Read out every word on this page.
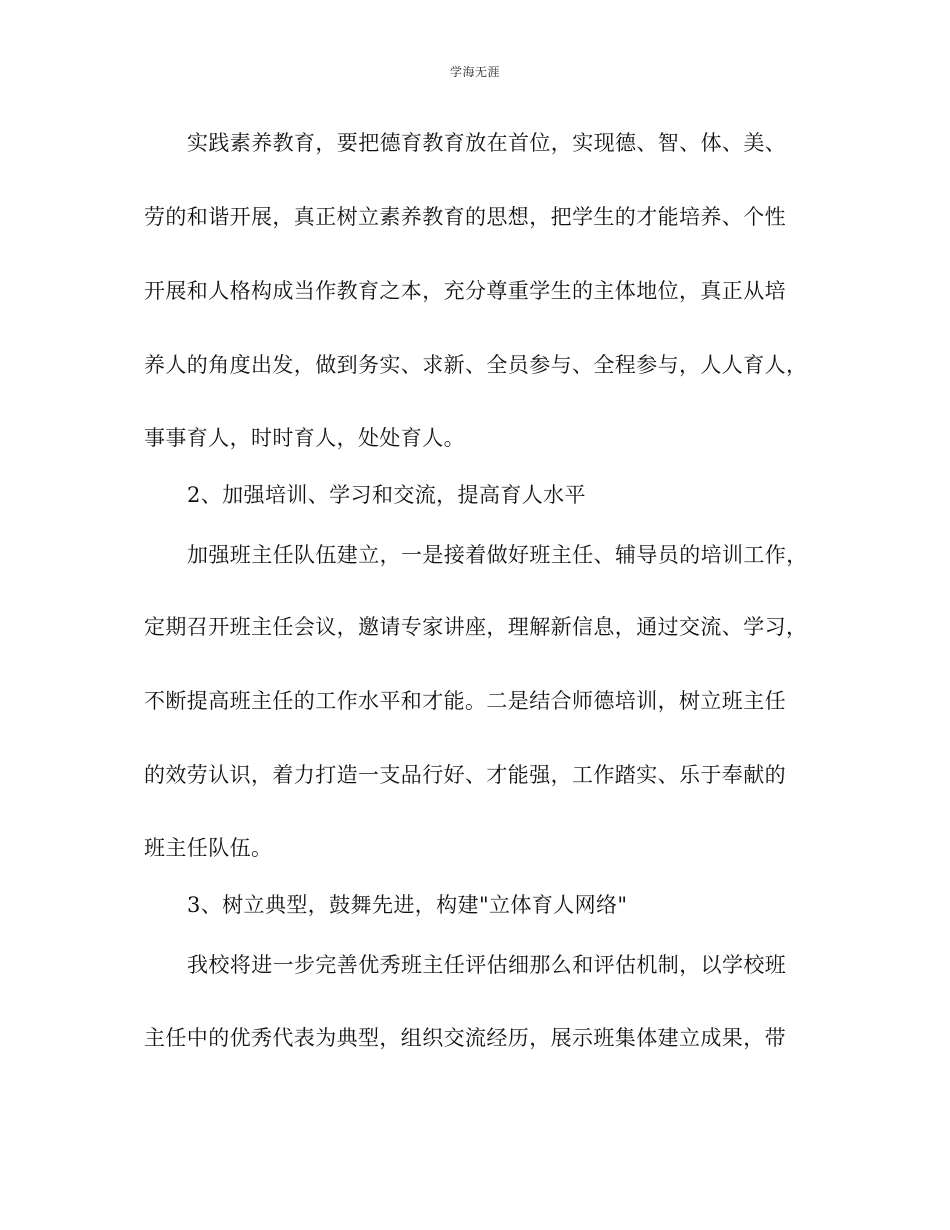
学海无涯
实践素养教育，要把德育教育放在首位，实现德、智、体、美、
劳的和谐开展，真正树立素养教育的思想，把学生的才能培养、个性
开展和人格构成当作教育之本，充分尊重学生的主体地位，真正从培
养人的角度出发，做到务实、求新、全员参与、全程参与，人人育人，
事事育人，时时育人，处处育人。
2、加强培训、学习和交流，提高育人水平
加强班主任队伍建立，一是接着做好班主任、辅导员的培训工作，
定期召开班主任会议，邀请专家讲座，理解新信息，通过交流、学习，
不断提高班主任的工作水平和才能。二是结合师德培训，树立班主任
的效劳认识，着力打造一支品行好、才能强，工作踏实、乐于奉献的
班主任队伍。
3、树立典型，鼓舞先进，构建"立体育人网络"
我校将进一步完善优秀班主任评估细那么和评估机制，以学校班
主任中的优秀代表为典型，组织交流经历，展示班集体建立成果，带
